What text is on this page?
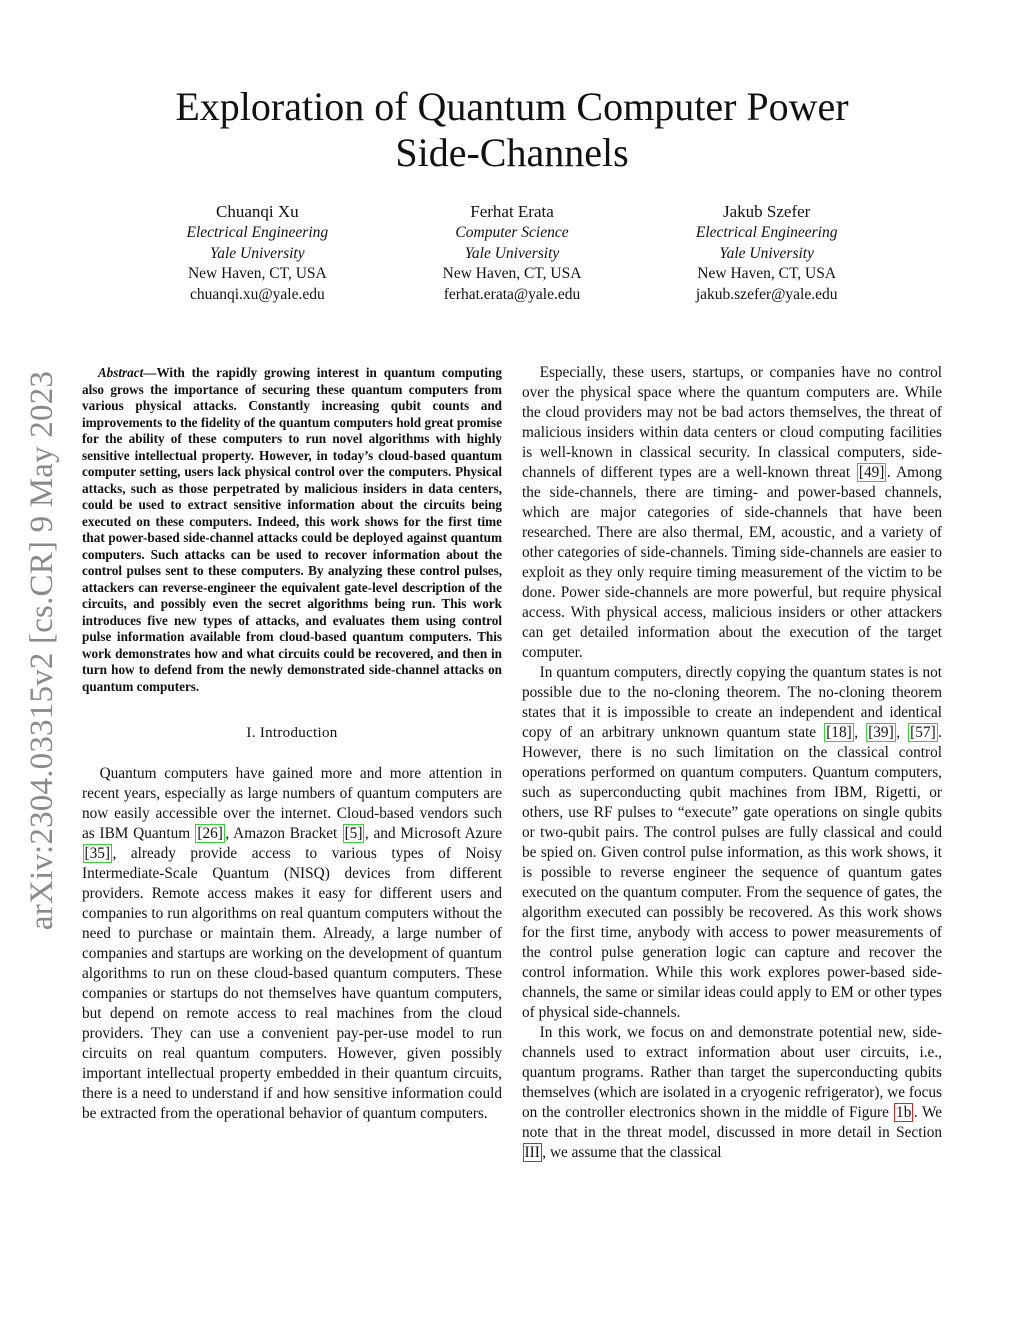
arXiv:2304.03315v2 [cs.CR] 9 May 2023
Exploration of Quantum Computer Power
Side-Channels
Chuanqi Xu
Electrical Engineering
Yale University
New Haven, CT, USA
chuanqi.xu@yale.edu
Ferhat Erata
Computer Science
Yale University
New Haven, CT, USA
ferhat.erata@yale.edu
Jakub Szefer
Electrical Engineering
Yale University
New Haven, CT, USA
jakub.szefer@yale.edu

Abstract—With the rapidly growing interest in quantum computing also grows the importance of securing these quantum computers from various physical attacks. Constantly increasing qubit counts and improvements to the fidelity of the quantum computers hold great promise for the ability of these computers to run novel algorithms with highly sensitive intellectual property. However, in today’s cloud-based quantum computer setting, users lack physical control over the computers. Physical attacks, such as those perpetrated by malicious insiders in data centers, could be used to extract sensitive information about the circuits being executed on these computers. Indeed, this work shows for the first time that power-based side-channel attacks could be deployed against quantum computers. Such attacks can be used to recover information about the control pulses sent to these computers. By analyzing these control pulses, attackers can reverse-engineer the equivalent gate-level description of the circuits, and possibly even the secret algorithms being run. This work introduces five new types of attacks, and evaluates them using control pulse information available from cloud-based quantum computers. This work demonstrates how and what circuits could be recovered, and then in turn how to defend from the newly demonstrated side-channel attacks on quantum computers.

I. Introduction

Quantum computers have gained more and more attention in recent years, especially as large numbers of quantum computers are now easily accessible over the internet. Cloud-based vendors such as IBM Quantum [26] , Amazon Bracket [5] , and Microsoft Azure [35] , already provide access to various types of Noisy Intermediate-Scale Quantum (NISQ) devices from different providers. Remote access makes it easy for different users and companies to run algorithms on real quantum computers without the need to purchase or maintain them. Already, a large number of companies and startups are working on the development of quantum algorithms to run on these cloud-based quantum computers. These companies or startups do not themselves have quantum computers, but depend on remote access to real machines from the cloud providers. They can use a convenient pay-per-use model to run circuits on real quantum computers. However, given possibly important intellectual property embedded in their quantum circuits, there is a need to understand if and how sensitive information could be extracted from the operational behavior of quantum computers.

Especially, these users, startups, or companies have no control over the physical space where the quantum computers are. While the cloud providers may not be bad actors themselves, the threat of malicious insiders within data centers or cloud computing facilities is well-known in classical security. In classical computers, side-channels of different types are a well-known threat [49] . Among the side-channels, there are timing- and power-based channels, which are major categories of side-channels that have been researched. There are also thermal, EM, acoustic, and a variety of other categories of side-channels. Timing side-channels are easier to exploit as they only require timing measurement of the victim to be done. Power side-channels are more powerful, but require physical access. With physical access, malicious insiders or other attackers can get detailed information about the execution of the target computer.

In quantum computers, directly copying the quantum states is not possible due to the no-cloning theorem. The no-cloning theorem states that it is impossible to create an independent and identical copy of an arbitrary unknown quantum state [18] , [39] , [57] . However, there is no such limitation on the classical control operations performed on quantum computers. Quantum computers, such as superconducting qubit machines from IBM, Rigetti, or others, use RF pulses to “execute” gate operations on single qubits or two-qubit pairs. The control pulses are fully classical and could be spied on. Given control pulse information, as this work shows, it is possible to reverse engineer the sequence of quantum gates executed on the quantum computer. From the sequence of gates, the algorithm executed can possibly be recovered. As this work shows for the first time, anybody with access to power measurements of the control pulse generation logic can capture and recover the control information. While this work explores power-based side-channels, the same or similar ideas could apply to EM or other types of physical side-channels.

In this work, we focus on and demonstrate potential new, side-channels used to extract information about user circuits, i.e., quantum programs. Rather than target the superconducting qubits themselves (which are isolated in a cryogenic refrigerator), we focus on the controller electronics shown in the middle of Figure 1b . We note that in the threat model, discussed in more detail in Section III , we assume that the classical
